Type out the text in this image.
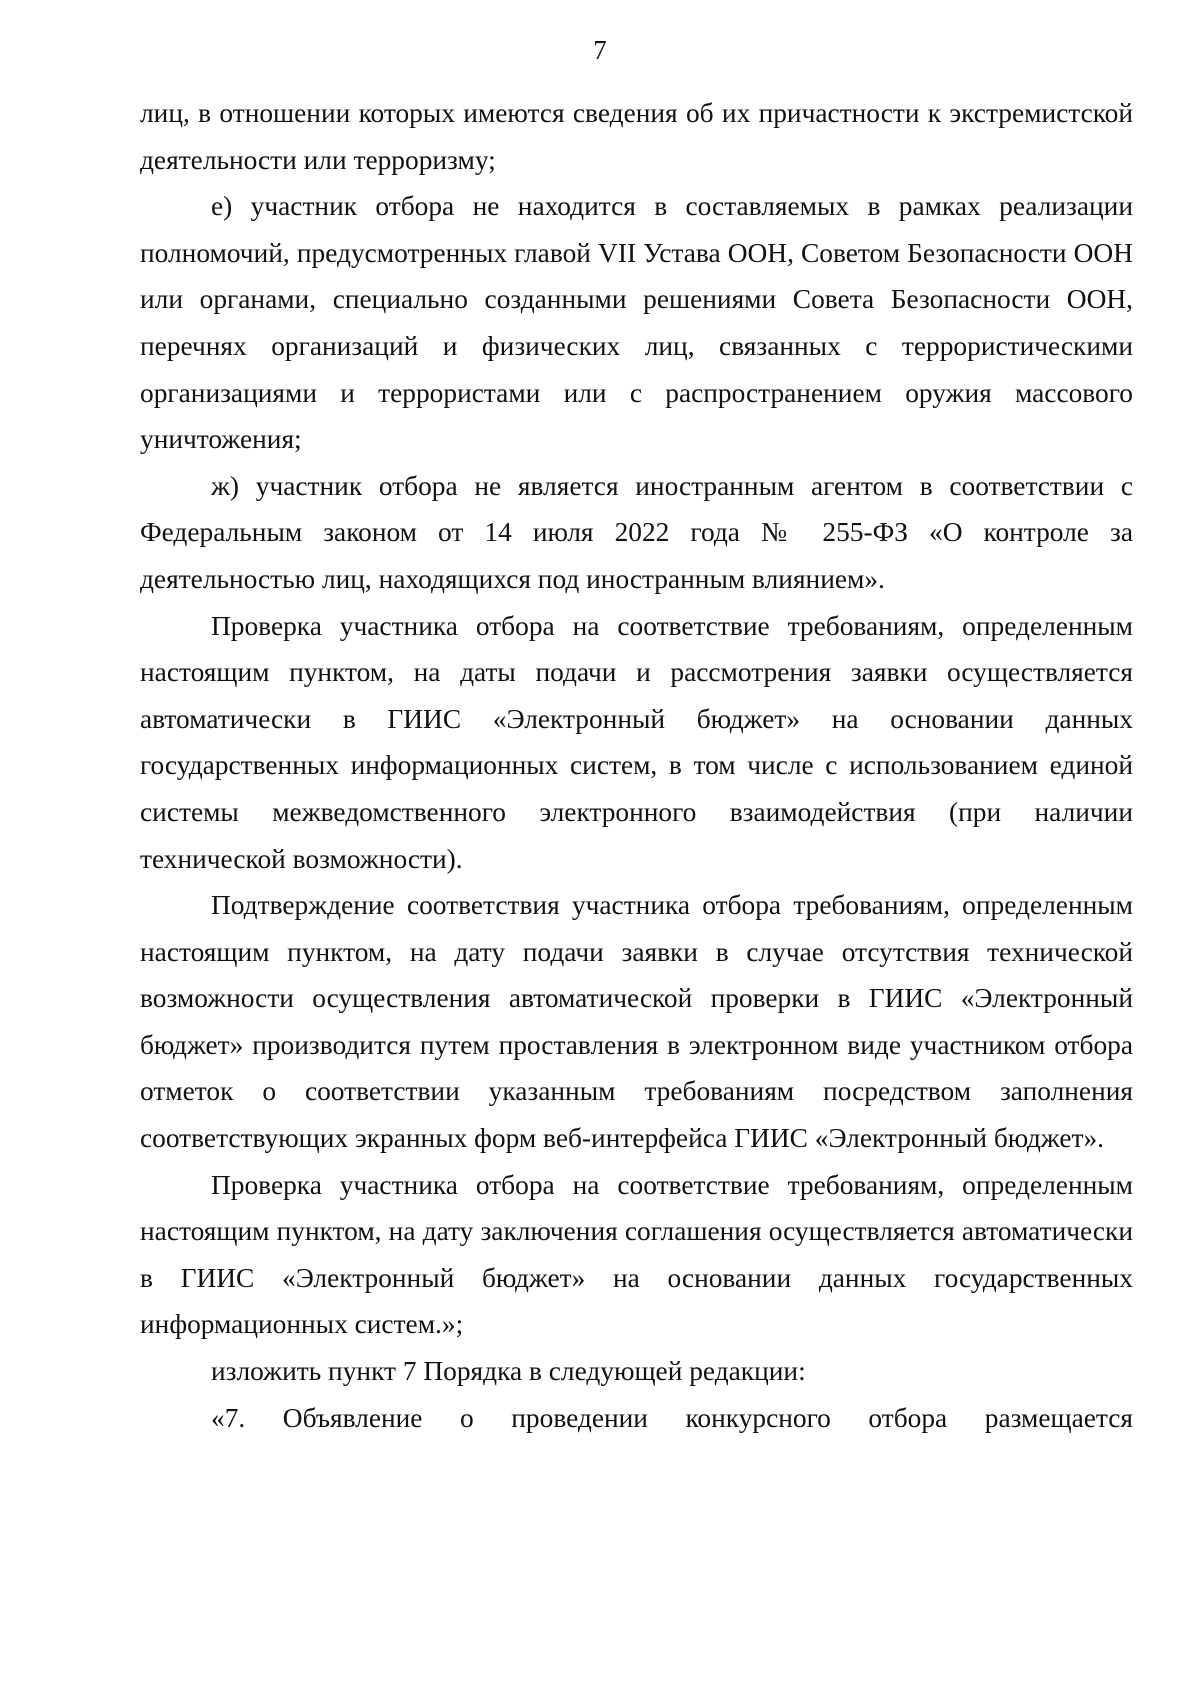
7

лиц, в отношении которых имеются сведения об их причастности к экстремистской деятельности или терроризму;

е) участник отбора не находится в составляемых в рамках реализации полномочий, предусмотренных главой VII Устава ООН, Советом Безопасности ООН или органами, специально созданными решениями Совета Безопасности ООН, перечнях организаций и физических лиц, связанных с террористическими организациями и террористами или с распространением оружия массового уничтожения;

ж) участник отбора не является иностранным агентом в соответствии с Федеральным законом от 14 июля 2022 года № 255-ФЗ «О контроле за деятельностью лиц, находящихся под иностранным влиянием».

Проверка участника отбора на соответствие требованиям, определенным настоящим пунктом, на даты подачи и рассмотрения заявки осуществляется автоматически в ГИИС «Электронный бюджет» на основании данных государственных информационных систем, в том числе с использованием единой системы межведомственного электронного взаимодействия (при наличии технической возможности).

Подтверждение соответствия участника отбора требованиям, определенным настоящим пунктом, на дату подачи заявки в случае отсутствия технической возможности осуществления автоматической проверки в ГИИС «Электронный бюджет» производится путем проставления в электронном виде участником отбора отметок о соответствии указанным требованиям посредством заполнения соответствующих экранных форм веб-интерфейса ГИИС «Электронный бюджет».

Проверка участника отбора на соответствие требованиям, определенным настоящим пунктом, на дату заключения соглашения осуществляется автоматически в ГИИС «Электронный бюджет» на основании данных государственных информационных систем.»;

изложить пункт 7 Порядка в следующей редакции:

«7. Объявление о проведении конкурсного отбора размещается
